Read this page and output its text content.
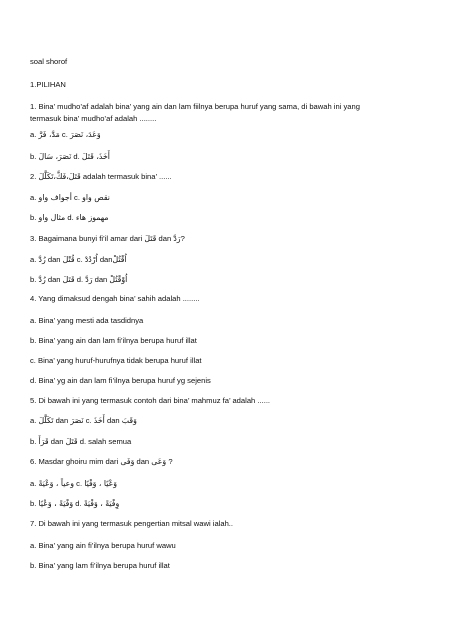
soal shorof
1.PILIHAN
1. Bina’ mudho’af adalah bina’ yang ain dan lam fiilnya berupa huruf yang sama, di bawah ini yang
termasuk bina’ mudho’af adalah ........
a. مَدَّ، فَرَّ c. وَعَدَ، نَصَرَ
b. نَصَرَ، سَالَ d. أَخَذَ، قَتَلَ
2. قَتَلَ،فَكَّ،تَكَلَّلَ adalah termasuk bina’ ......
a. أجواف واو c. نقص واو
b. مثال واو d. مهموز هاء
3. Bagaimana bunyi fi’il amar dari قَتَلَ dan رَدَّ?
a. رُدَّ dan قُتْلَ c. اُرْدُدْ danاُقْتُلْ
b. رُدَّ dan قَتَلَ d. رَدَّ dan اُوْقْتُلْ
4. Yang dimaksud dengah bina’ sahih adalah ........
a. Bina’ yang mesti ada tasdidnya
b. Bina’ yang ain dan lam fi’ilnya berupa huruf illat
c. Bina’ yang huruf-hurufnya tidak berupa huruf illat
d. Bina’ yg ain dan lam fi’ilnya berupa huruf yg sejenis
5. Di bawah ini yang termasuk contoh dari bina’ mahmuz fa’ adalah ......
a. تَكَلَّلَ dan نَصَرَ c. أَخَذَ dan وَقَبَ
b. قَرَأَ dan قَتَلَ d. salah semua
6. Masdar ghoiru mim dari وَفَى dan وَعَى ?
a. وعياً ، وَعْيَةً c. وَعْيًا ، وَفْيًا
b. وَفْيَةً ، وَعْيًا d. وِفْيَةً ، وَفْيَةً
7. Di bawah ini yang termasuk pengertian mitsal wawi ialah..
a. Bina’ yang ain fi’ilnya berupa huruf wawu
b. Bina’ yang lam fi’ilnya berupa huruf illat
